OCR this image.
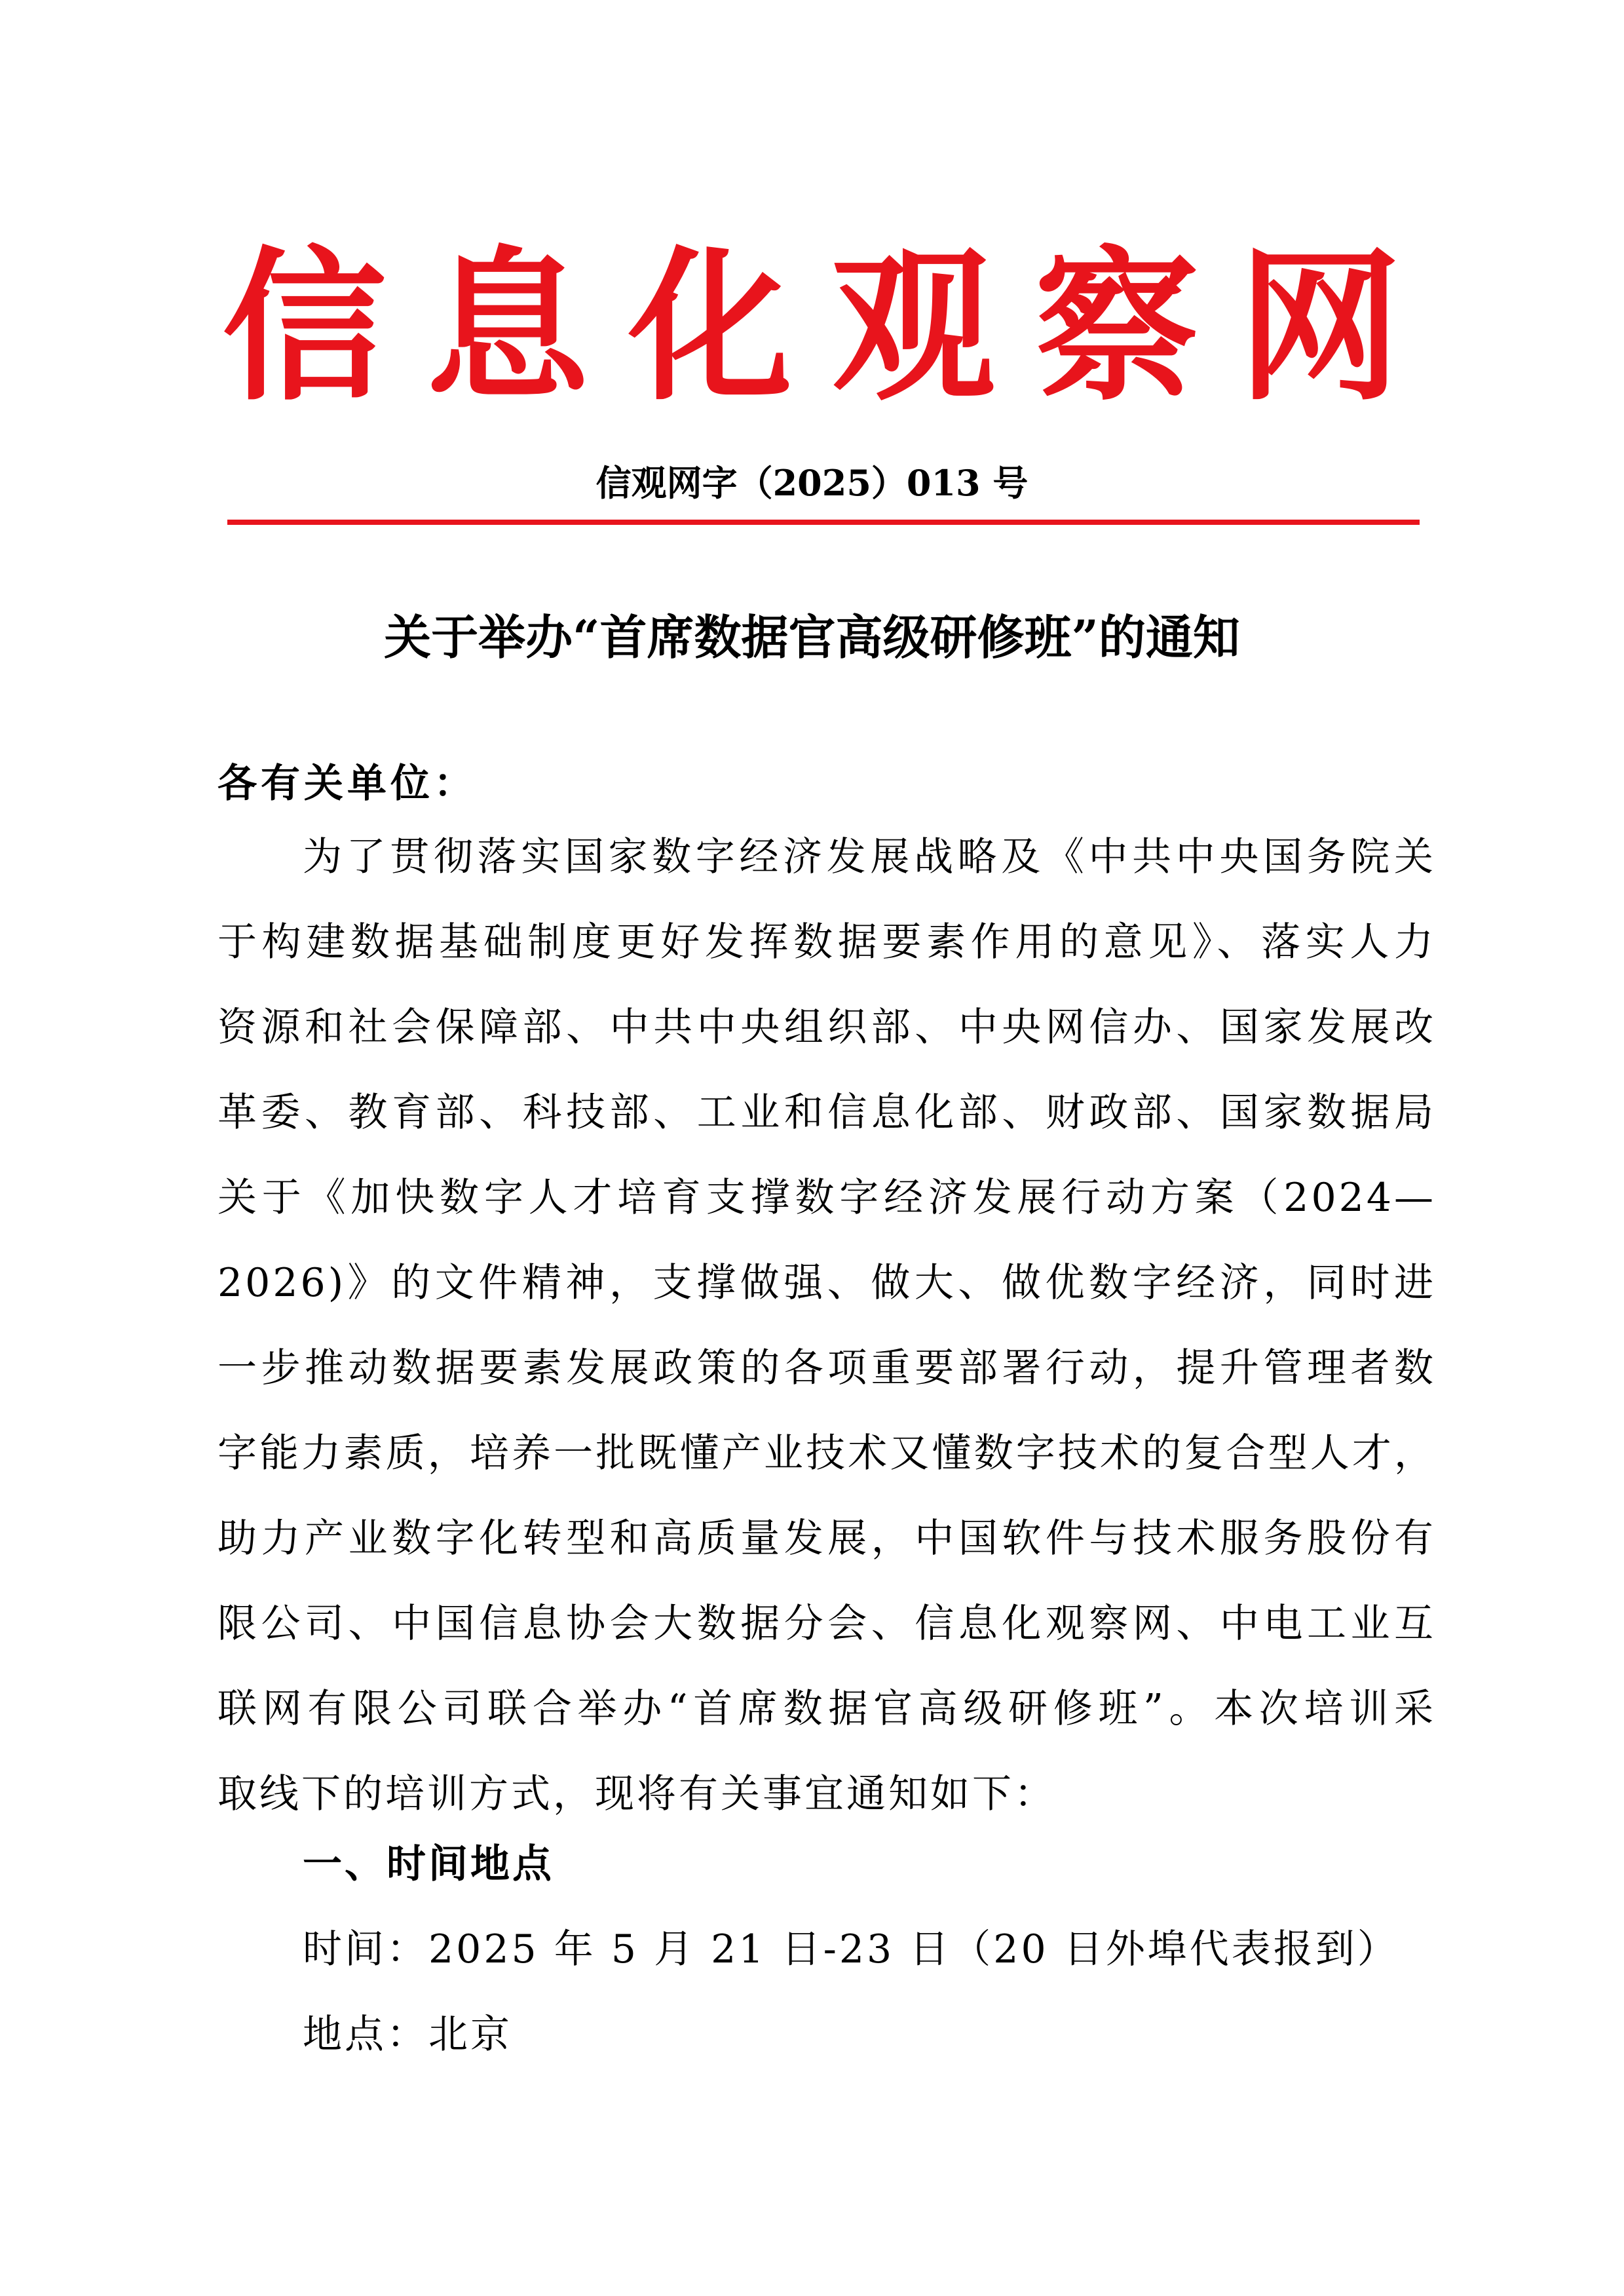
信息化观察网
信观网字（2025）013 号
关于举办“首席数据官高级研修班”的通知
各有关单位：
为了贯彻落实国家数字经济发展战略及《中共中央国务院关
于构建数据基础制度更好发挥数据要素作用的意见》、落实人力
资源和社会保障部、中共中央组织部、中央网信办、国家发展改
革委、教育部、科技部、工业和信息化部、财政部、国家数据局
关于《加快数字人才培育支撑数字经济发展行动方案（2024—
2026)》的文件精神，支撑做强、做大、做优数字经济，同时进
一步推动数据要素发展政策的各项重要部署行动，提升管理者数
字能力素质，培养一批既懂产业技术又懂数字技术的复合型人才，
助力产业数字化转型和高质量发展，中国软件与技术服务股份有
限公司、中国信息协会大数据分会、信息化观察网、中电工业互
联网有限公司联合举办“首席数据官高级研修班”。本次培训采
取线下的培训方式，现将有关事宜通知如下：
一、时间地点
时间：2025 年 5 月 21 日-23 日（20 日外埠代表报到）
地点：北京
